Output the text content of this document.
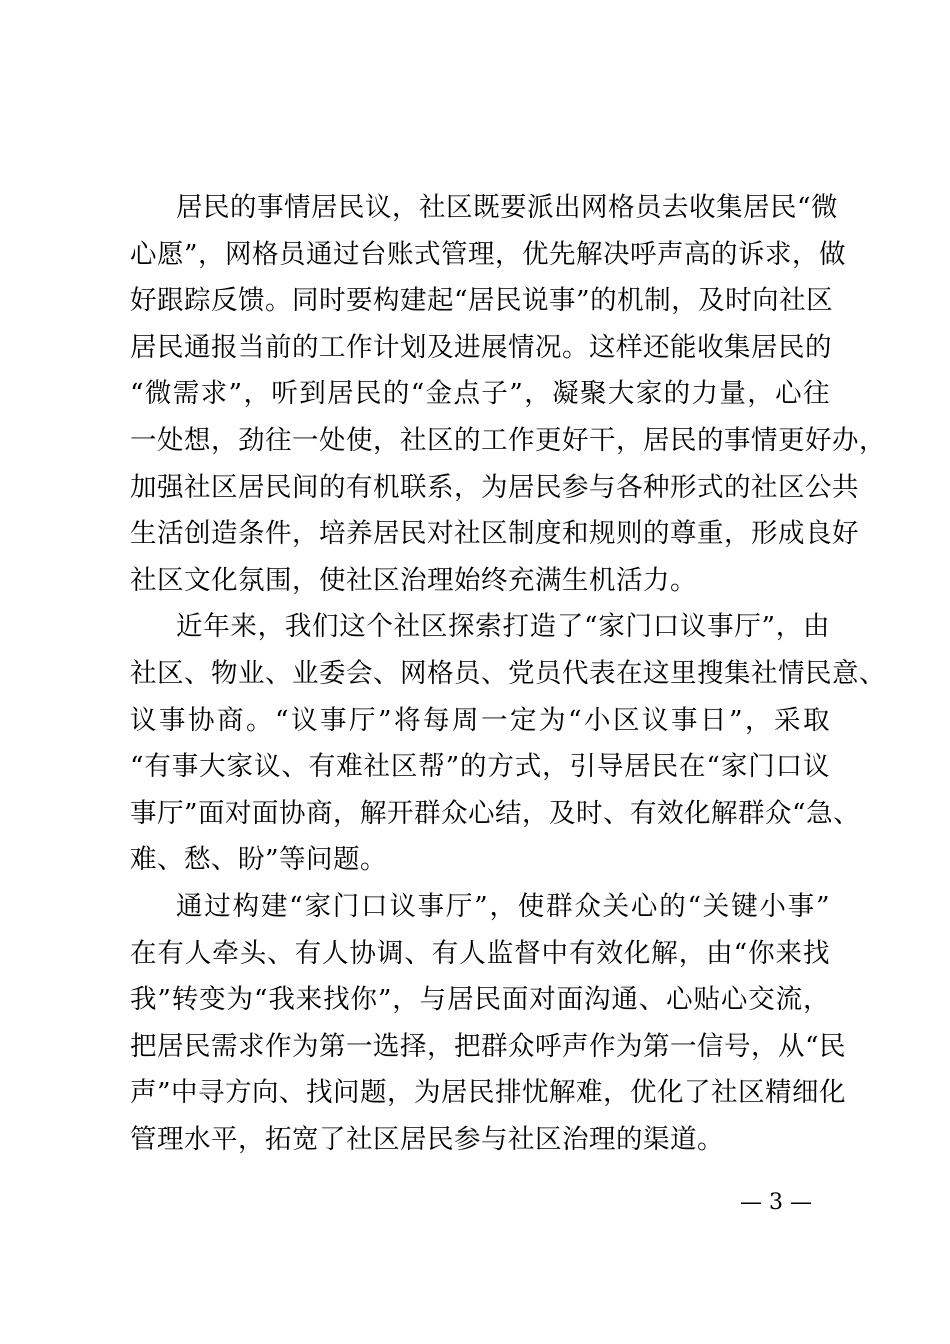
居民的事情居民议，社区既要派出网格员去收集居民“微
心愿”，网格员通过台账式管理，优先解决呼声高的诉求，做
好跟踪反馈。同时要构建起“居民说事”的机制，及时向社区
居民通报当前的工作计划及进展情况。这样还能收集居民的
“微需求”，听到居民的“金点子”，凝聚大家的力量，心往
一处想，劲往一处使，社区的工作更好干，居民的事情更好办，
加强社区居民间的有机联系，为居民参与各种形式的社区公共
生活创造条件，培养居民对社区制度和规则的尊重，形成良好
社区文化氛围，使社区治理始终充满生机活力。
近年来，我们这个社区探索打造了“家门口议事厅”，由
社区、物业、业委会、网格员、党员代表在这里搜集社情民意、
议事协商。“议事厅”将每周一定为“小区议事日”，采取
“有事大家议、有难社区帮”的方式，引导居民在“家门口议
事厅”面对面协商，解开群众心结，及时、有效化解群众“急、
难、愁、盼”等问题。
通过构建“家门口议事厅”，使群众关心的“关键小事”
在有人牵头、有人协调、有人监督中有效化解，由“你来找
我”转变为“我来找你”，与居民面对面沟通、心贴心交流，
把居民需求作为第一选择，把群众呼声作为第一信号，从“民
声”中寻方向、找问题，为居民排忧解难，优化了社区精细化
管理水平，拓宽了社区居民参与社区治理的渠道。
— 3 —
